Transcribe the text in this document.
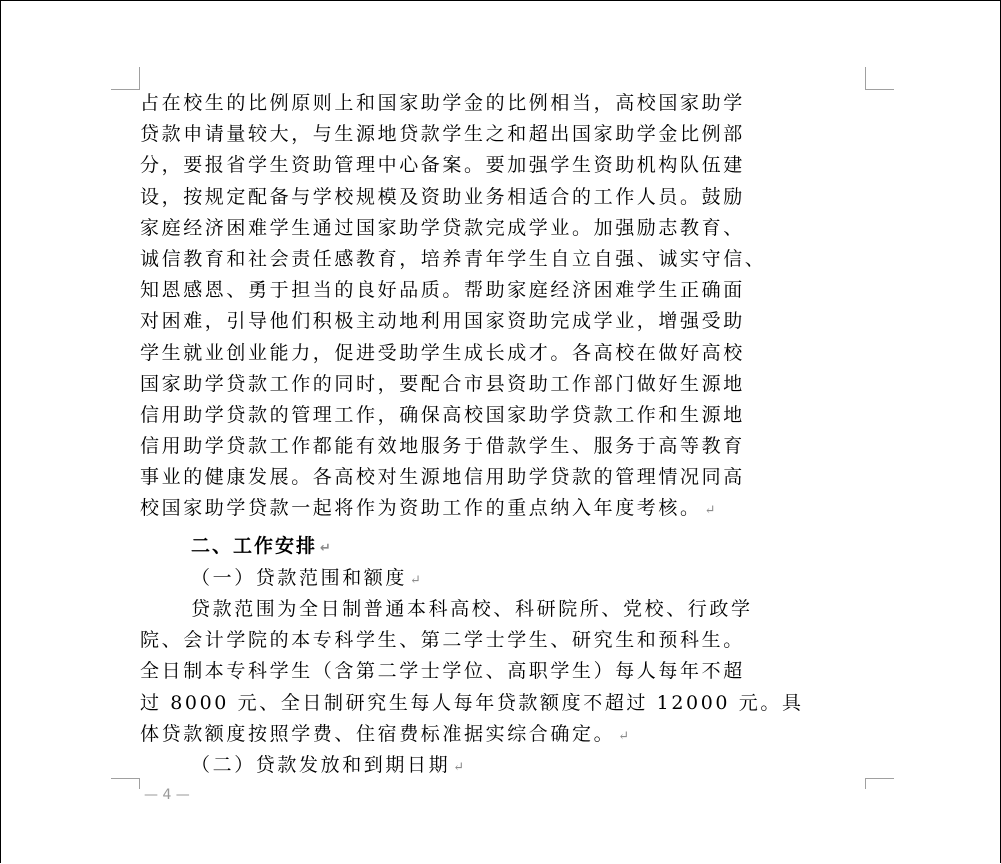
占在校生的比例原则上和国家助学金的比例相当，高校国家助学
贷款申请量较大，与生源地贷款学生之和超出国家助学金比例部
分，要报省学生资助管理中心备案。要加强学生资助机构队伍建
设，按规定配备与学校规模及资助业务相适合的工作人员。鼓励
家庭经济困难学生通过国家助学贷款完成学业。加强励志教育、
诚信教育和社会责任感教育，培养青年学生自立自强、诚实守信、
知恩感恩、勇于担当的良好品质。帮助家庭经济困难学生正确面
对困难，引导他们积极主动地利用国家资助完成学业，增强受助
学生就业创业能力，促进受助学生成长成才。各高校在做好高校
国家助学贷款工作的同时，要配合市县资助工作部门做好生源地
信用助学贷款的管理工作，确保高校国家助学贷款工作和生源地
信用助学贷款工作都能有效地服务于借款学生、服务于高等教育
事业的健康发展。各高校对生源地信用助学贷款的管理情况同高
校国家助学贷款一起将作为资助工作的重点纳入年度考核。 ↵
二、工作安排 ↵
（一）贷款范围和额度 ↵
贷款范围为全日制普通本科高校、科研院所、党校、行政学
院、会计学院的本专科学生、第二学士学生、研究生和预科生。
全日制本专科学生（含第二学士学位、高职学生）每人每年不超
过 8000 元、全日制研究生每人每年贷款额度不超过 12000 元。具
体贷款额度按照学费、住宿费标准据实综合确定。 ↵
（二）贷款发放和到期日期 ↵
— 4 —
